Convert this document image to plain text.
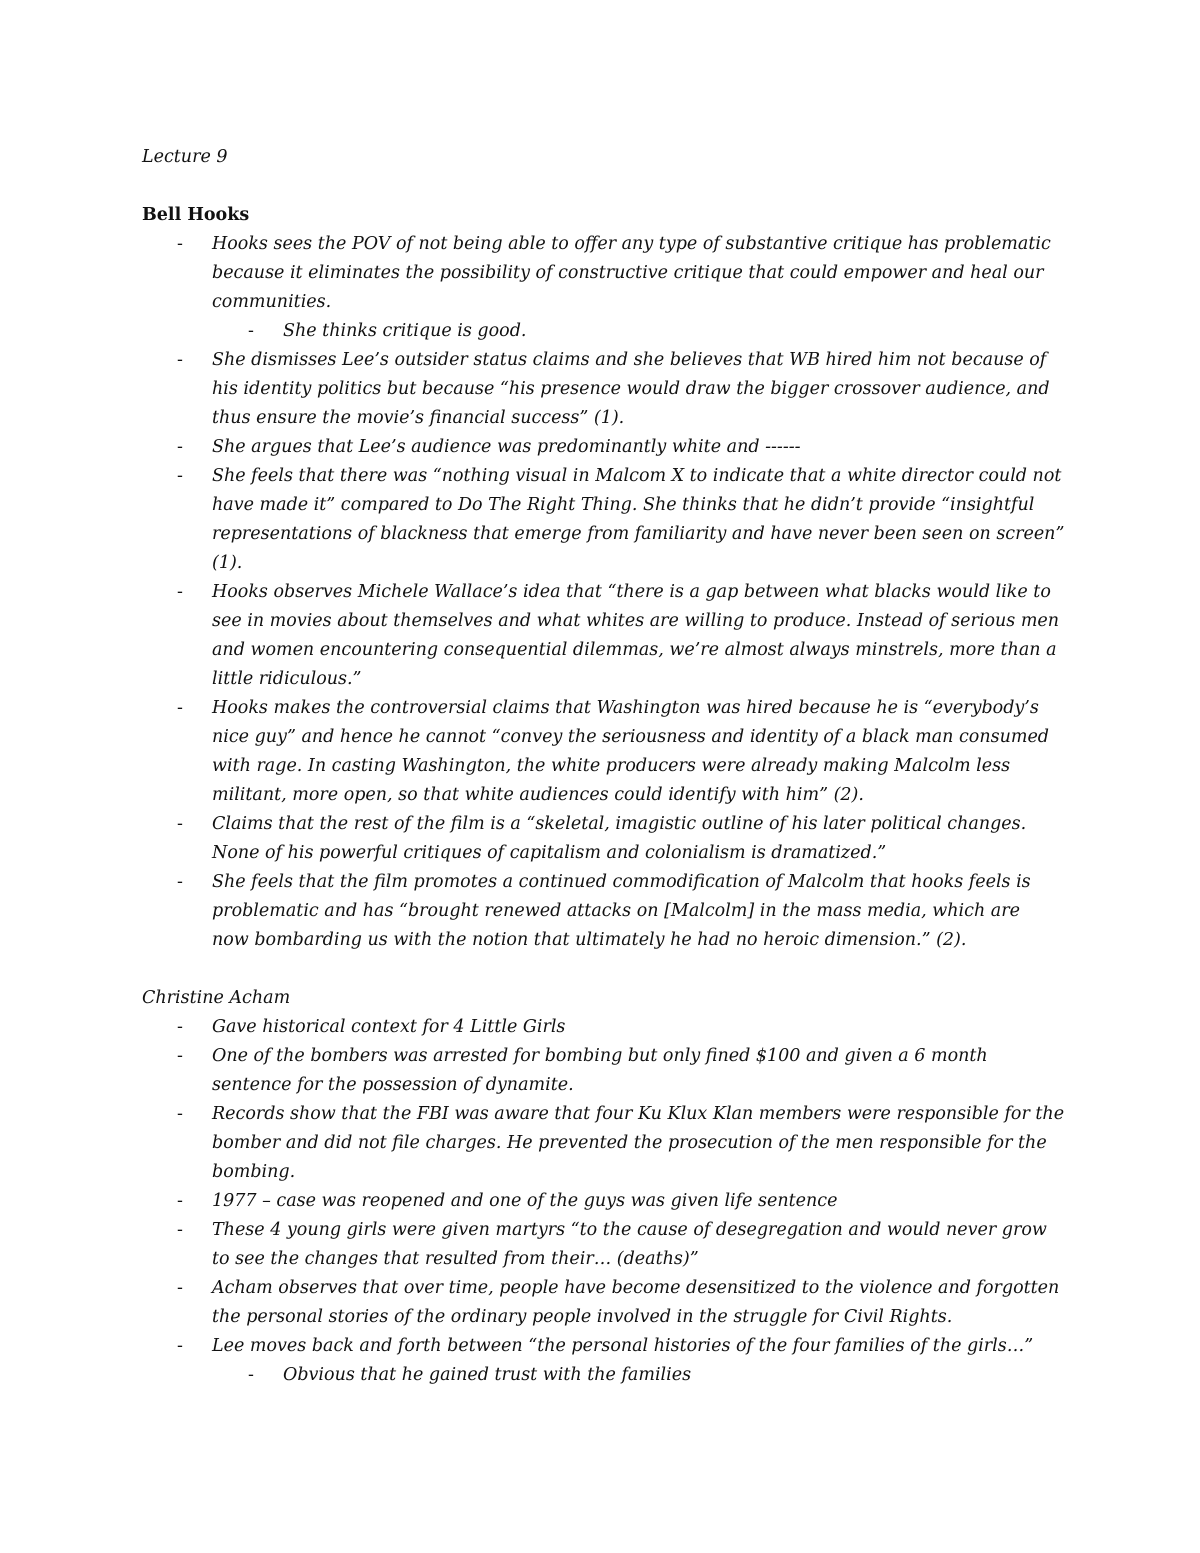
Lecture 9
Bell Hooks
- Hooks sees the POV of not being able to offer any type of substantive critique has problematic
because it eliminates the possibility of constructive critique that could empower and heal our
communities.
- She thinks critique is good.
- She dismisses Lee’s outsider status claims and she believes that WB hired him not because of
his identity politics but because “his presence would draw the bigger crossover audience, and
thus ensure the movie’s financial success” (1).
- She argues that Lee’s audience was predominantly white and ------
- She feels that there was “nothing visual in Malcom X to indicate that a white director could not
have made it” compared to Do The Right Thing. She thinks that he didn’t provide “insightful
representations of blackness that emerge from familiarity and have never been seen on screen”
(1).
- Hooks observes Michele Wallace’s idea that “there is a gap between what blacks would like to
see in movies about themselves and what whites are willing to produce. Instead of serious men
and women encountering consequential dilemmas, we’re almost always minstrels, more than a
little ridiculous.”
- Hooks makes the controversial claims that Washington was hired because he is “everybody’s
nice guy” and hence he cannot “convey the seriousness and identity of a black man consumed
with rage. In casting Washington, the white producers were already making Malcolm less
militant, more open, so that white audiences could identify with him” (2).
- Claims that the rest of the film is a “skeletal, imagistic outline of his later political changes.
None of his powerful critiques of capitalism and colonialism is dramatized.”
- She feels that the film promotes a continued commodification of Malcolm that hooks feels is
problematic and has “brought renewed attacks on [Malcolm] in the mass media, which are
now bombarding us with the notion that ultimately he had no heroic dimension.” (2).
Christine Acham
- Gave historical context for 4 Little Girls
- One of the bombers was arrested for bombing but only fined $100 and given a 6 month
sentence for the possession of dynamite.
- Records show that the FBI was aware that four Ku Klux Klan members were responsible for the
bomber and did not file charges. He prevented the prosecution of the men responsible for the
bombing.
- 1977 – case was reopened and one of the guys was given life sentence
- These 4 young girls were given martyrs “to the cause of desegregation and would never grow
to see the changes that resulted from their… (deaths)”
- Acham observes that over time, people have become desensitized to the violence and forgotten
the personal stories of the ordinary people involved in the struggle for Civil Rights.
- Lee moves back and forth between “the personal histories of the four families of the girls…”
- Obvious that he gained trust with the families
